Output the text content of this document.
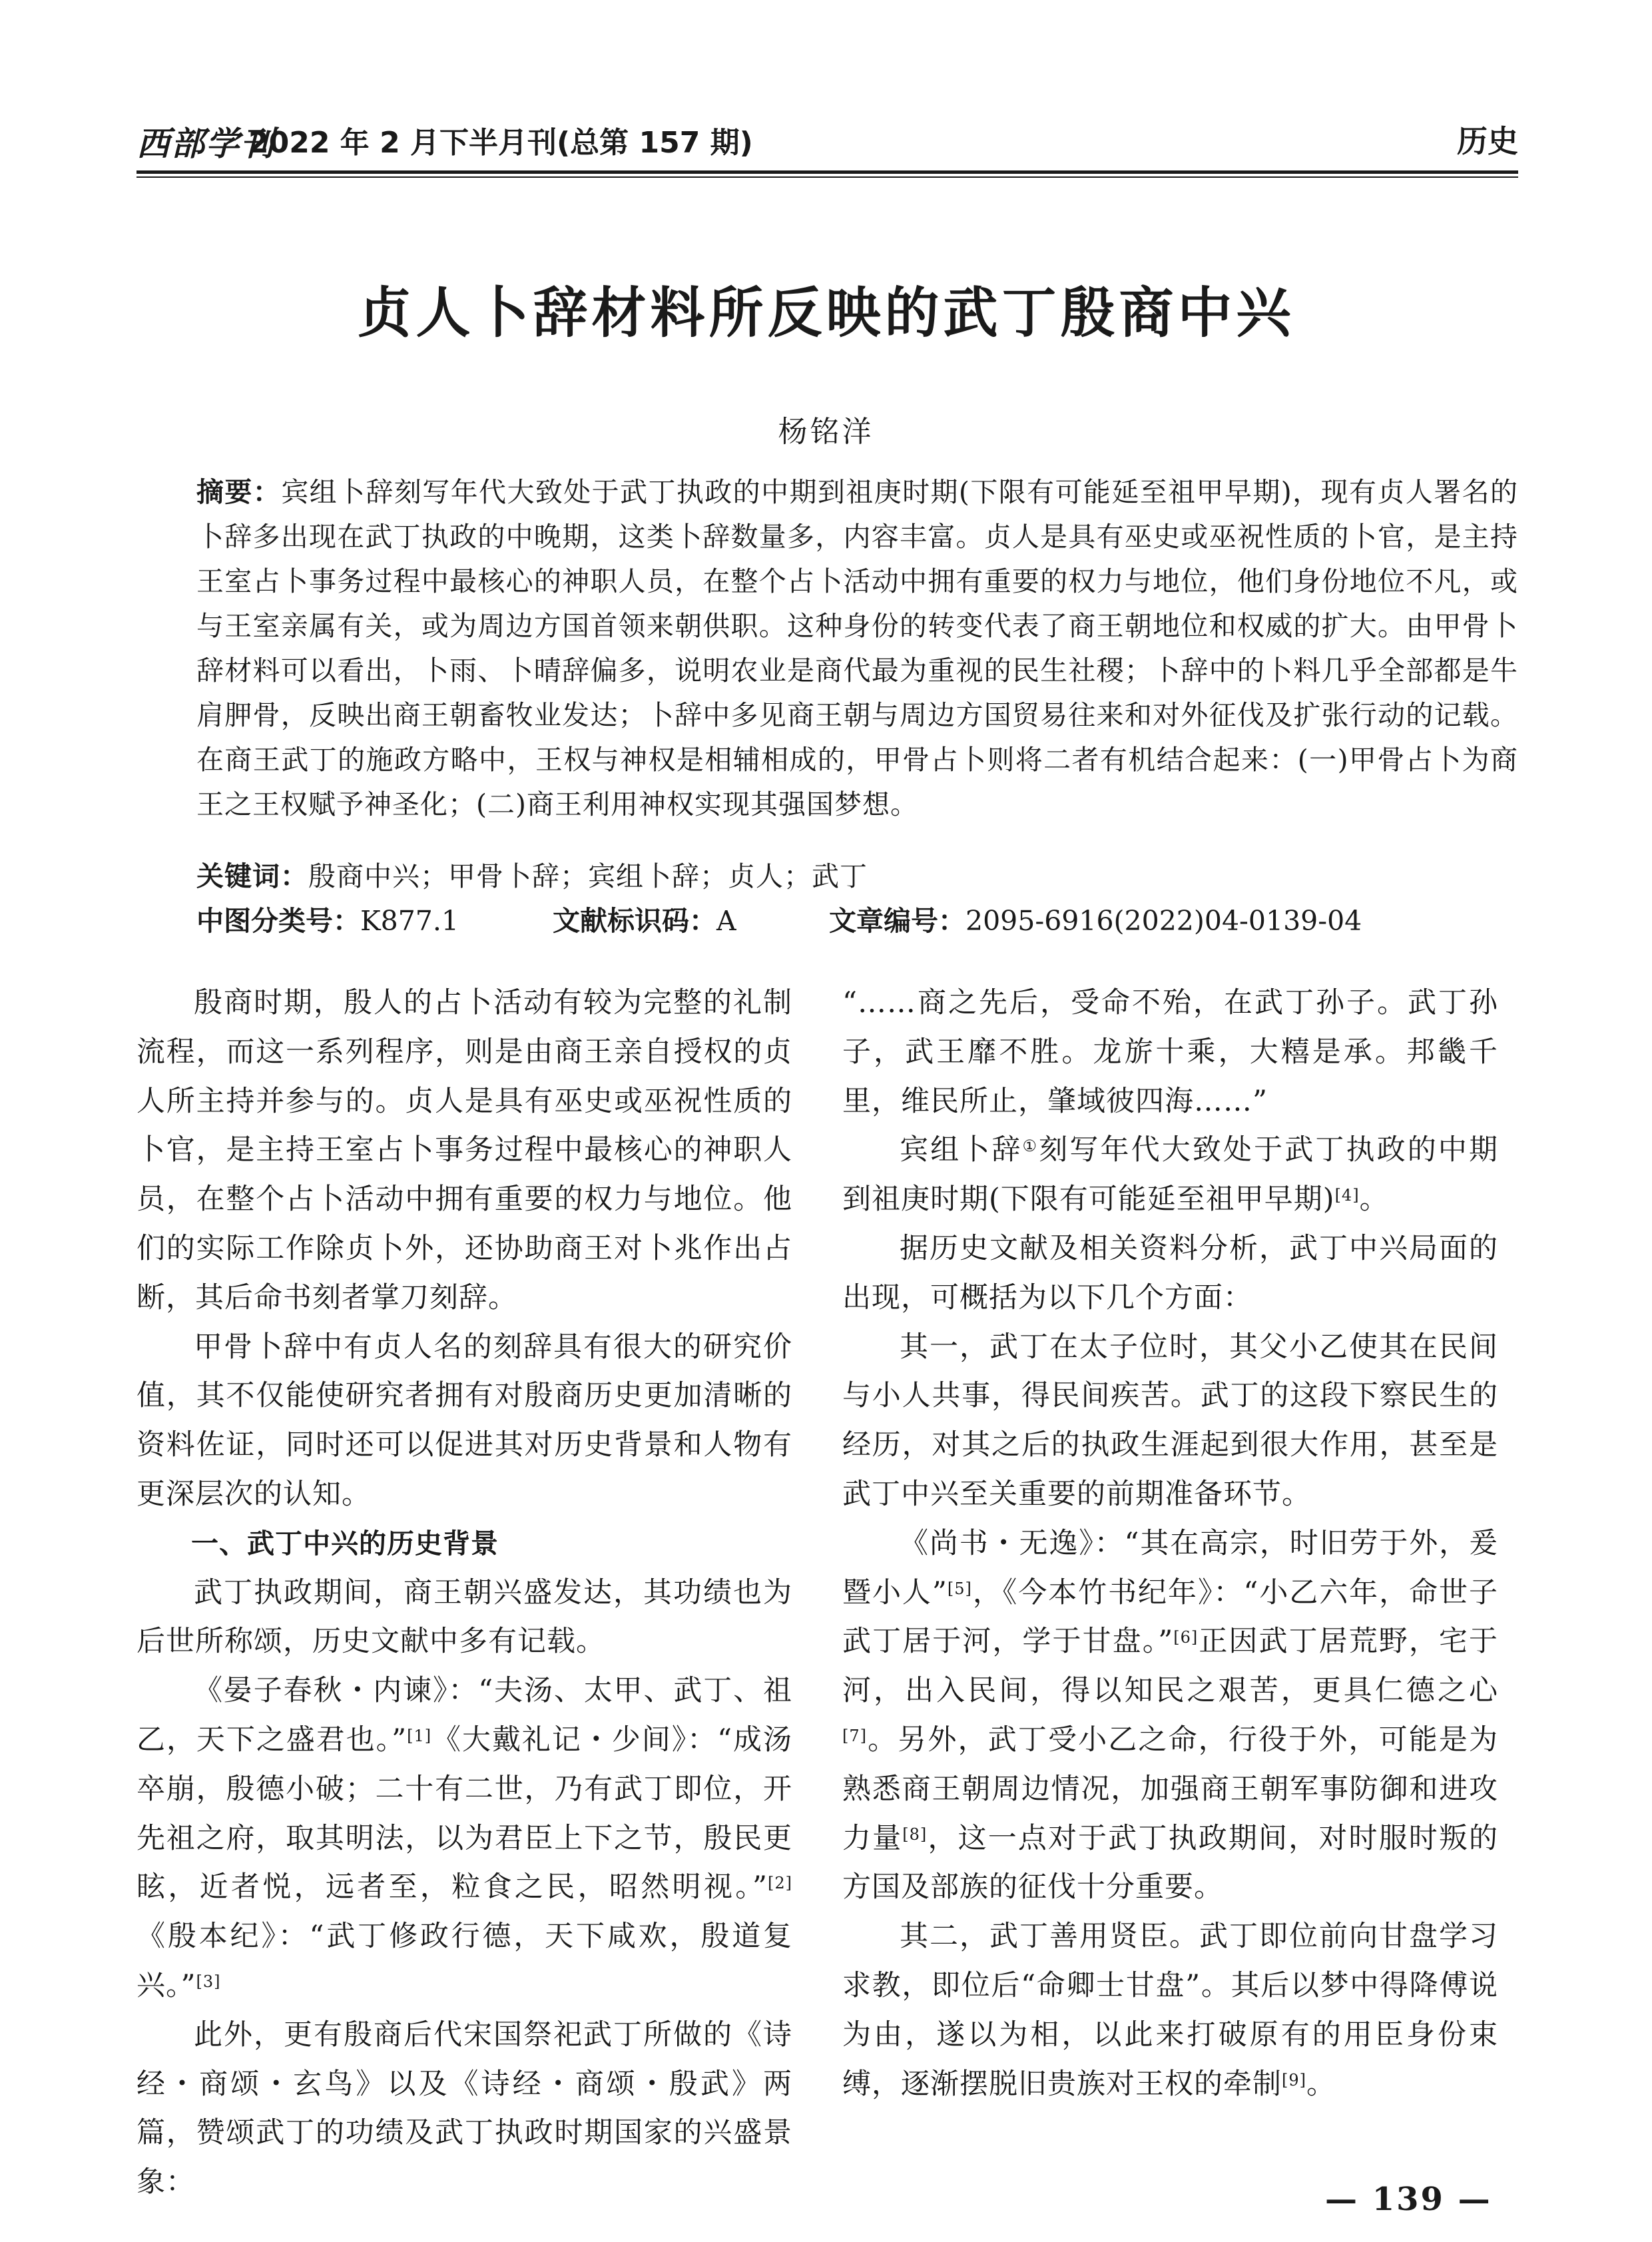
西部学刊
2022 年 2 月下半月刊(总第 157 期)	历史
贞人卜辞材料所反映的武丁殷商中兴
杨铭洋
摘要：宾组卜辞刻写年代大致处于武丁执政的中期到祖庚时期(下限有可能延至祖甲早期)，现有贞人署名的卜辞多出现在武丁执政的中晚期，这类卜辞数量多，内容丰富。贞人是具有巫史或巫祝性质的卜官，是主持王室占卜事务过程中最核心的神职人员，在整个占卜活动中拥有重要的权力与地位，他们身份地位不凡，或与王室亲属有关，或为周边方国首领来朝供职。这种身份的转变代表了商王朝地位和权威的扩大。由甲骨卜辞材料可以看出，卜雨、卜晴辞偏多，说明农业是商代最为重视的民生社稷；卜辞中的卜料几乎全部都是牛肩胛骨，反映出商王朝畜牧业发达；卜辞中多见商王朝与周边方国贸易往来和对外征伐及扩张行动的记载。在商王武丁的施政方略中，王权与神权是相辅相成的，甲骨占卜则将二者有机结合起来：(一)甲骨占卜为商王之王权赋予神圣化；(二)商王利用神权实现其强国梦想。
关键词：殷商中兴；甲骨卜辞；宾组卜辞；贞人；武丁
中图分类号：K877.1	文献标识码：A	文章编号：2095-6916(2022)04-0139-04

殷商时期，殷人的占卜活动有较为完整的礼制流程，而这一系列程序，则是由商王亲自授权的贞人所主持并参与的。贞人是具有巫史或巫祝性质的卜官，是主持王室占卜事务过程中最核心的神职人员，在整个占卜活动中拥有重要的权力与地位。他们的实际工作除贞卜外，还协助商王对卜兆作出占断，其后命书刻者掌刀刻辞。

甲骨卜辞中有贞人名的刻辞具有很大的研究价值，其不仅能使研究者拥有对殷商历史更加清晰的资料佐证，同时还可以促进其对历史背景和人物有更深层次的认知。

一、武丁中兴的历史背景

武丁执政期间，商王朝兴盛发达，其功绩也为后世所称颂，历史文献中多有记载。

《晏子春秋・内谏》：“夫汤、太甲、武丁、祖乙，天下之盛君也。”[1]《大戴礼记・少间》：“成汤卒崩，殷德小破；二十有二世，乃有武丁即位，开先祖之府，取其明法，以为君臣上下之节，殷民更眩，近者悦，远者至，粒食之民，昭然明视。”[2]《殷本纪》：“武丁修政行德，天下咸欢，殷道复兴。”[3]

此外，更有殷商后代宋国祭祀武丁所做的《诗经・商颂・玄鸟》以及《诗经・商颂・殷武》两篇，赞颂武丁的功绩及武丁执政时期国家的兴盛景象：

“……商之先后，受命不殆，在武丁孙子。武丁孙子，武王靡不胜。龙旂十乘，大糦是承。邦畿千里，维民所止，肇域彼四海……”

宾组卜辞①刻写年代大致处于武丁执政的中期到祖庚时期(下限有可能延至祖甲早期)[4]。

据历史文献及相关资料分析，武丁中兴局面的出现，可概括为以下几个方面：

其一，武丁在太子位时，其父小乙使其在民间与小人共事，得民间疾苦。武丁的这段下察民生的经历，对其之后的执政生涯起到很大作用，甚至是武丁中兴至关重要的前期准备环节。

《尚书・无逸》：“其在高宗，时旧劳于外，爰暨小人”[5]，《今本竹书纪年》：“小乙六年，命世子武丁居于河，学于甘盘。”[6]正因武丁居荒野，宅于河，出入民间，得以知民之艰苦，更具仁德之心[7]。另外，武丁受小乙之命，行役于外，可能是为熟悉商王朝周边情况，加强商王朝军事防御和进攻力量[8]，这一点对于武丁执政期间，对时服时叛的方国及部族的征伐十分重要。

其二，武丁善用贤臣。武丁即位前向甘盘学习求教，即位后“命卿士甘盘”。其后以梦中得降傅说为由，遂以为相，以此来打破原有的用臣身份束缚，逐渐摆脱旧贵族对王权的牵制[9]。

— 139 —
